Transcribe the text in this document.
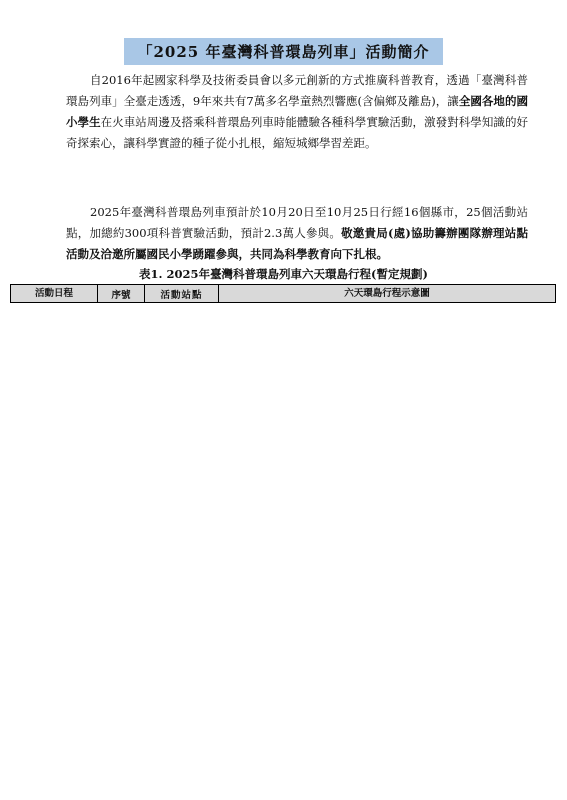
「2025 年臺灣科普環島列車」活動簡介

自2016年起國家科學及技術委員會以多元創新的方式推廣科普教育，透過「臺灣科普環島列車」全臺走透透，9年來共有7萬多名學童熱烈響應(含偏鄉及離島)，讓全國各地的國小學生在火車站周邊及搭乘科普環島列車時能體驗各種科學實驗活動，激發對科學知識的好奇探索心，讓科學實證的種子從小扎根，縮短城鄉學習差距。

2025年臺灣科普環島列車預計於10月20日至10月25日行經16個縣市，25個活動站點，加總約300項科普實驗活動，預計2.3萬人參與。敬邀貴局(處)協助籌辦團隊辦理站點活動及洽邀所屬國民小學踴躍參與，共同為科學教育向下扎根。

表1. 2025年臺灣科普環島列車六天環島行程(暫定規劃)
活動日程	序號	活動站點	六天環島行程示意圖
